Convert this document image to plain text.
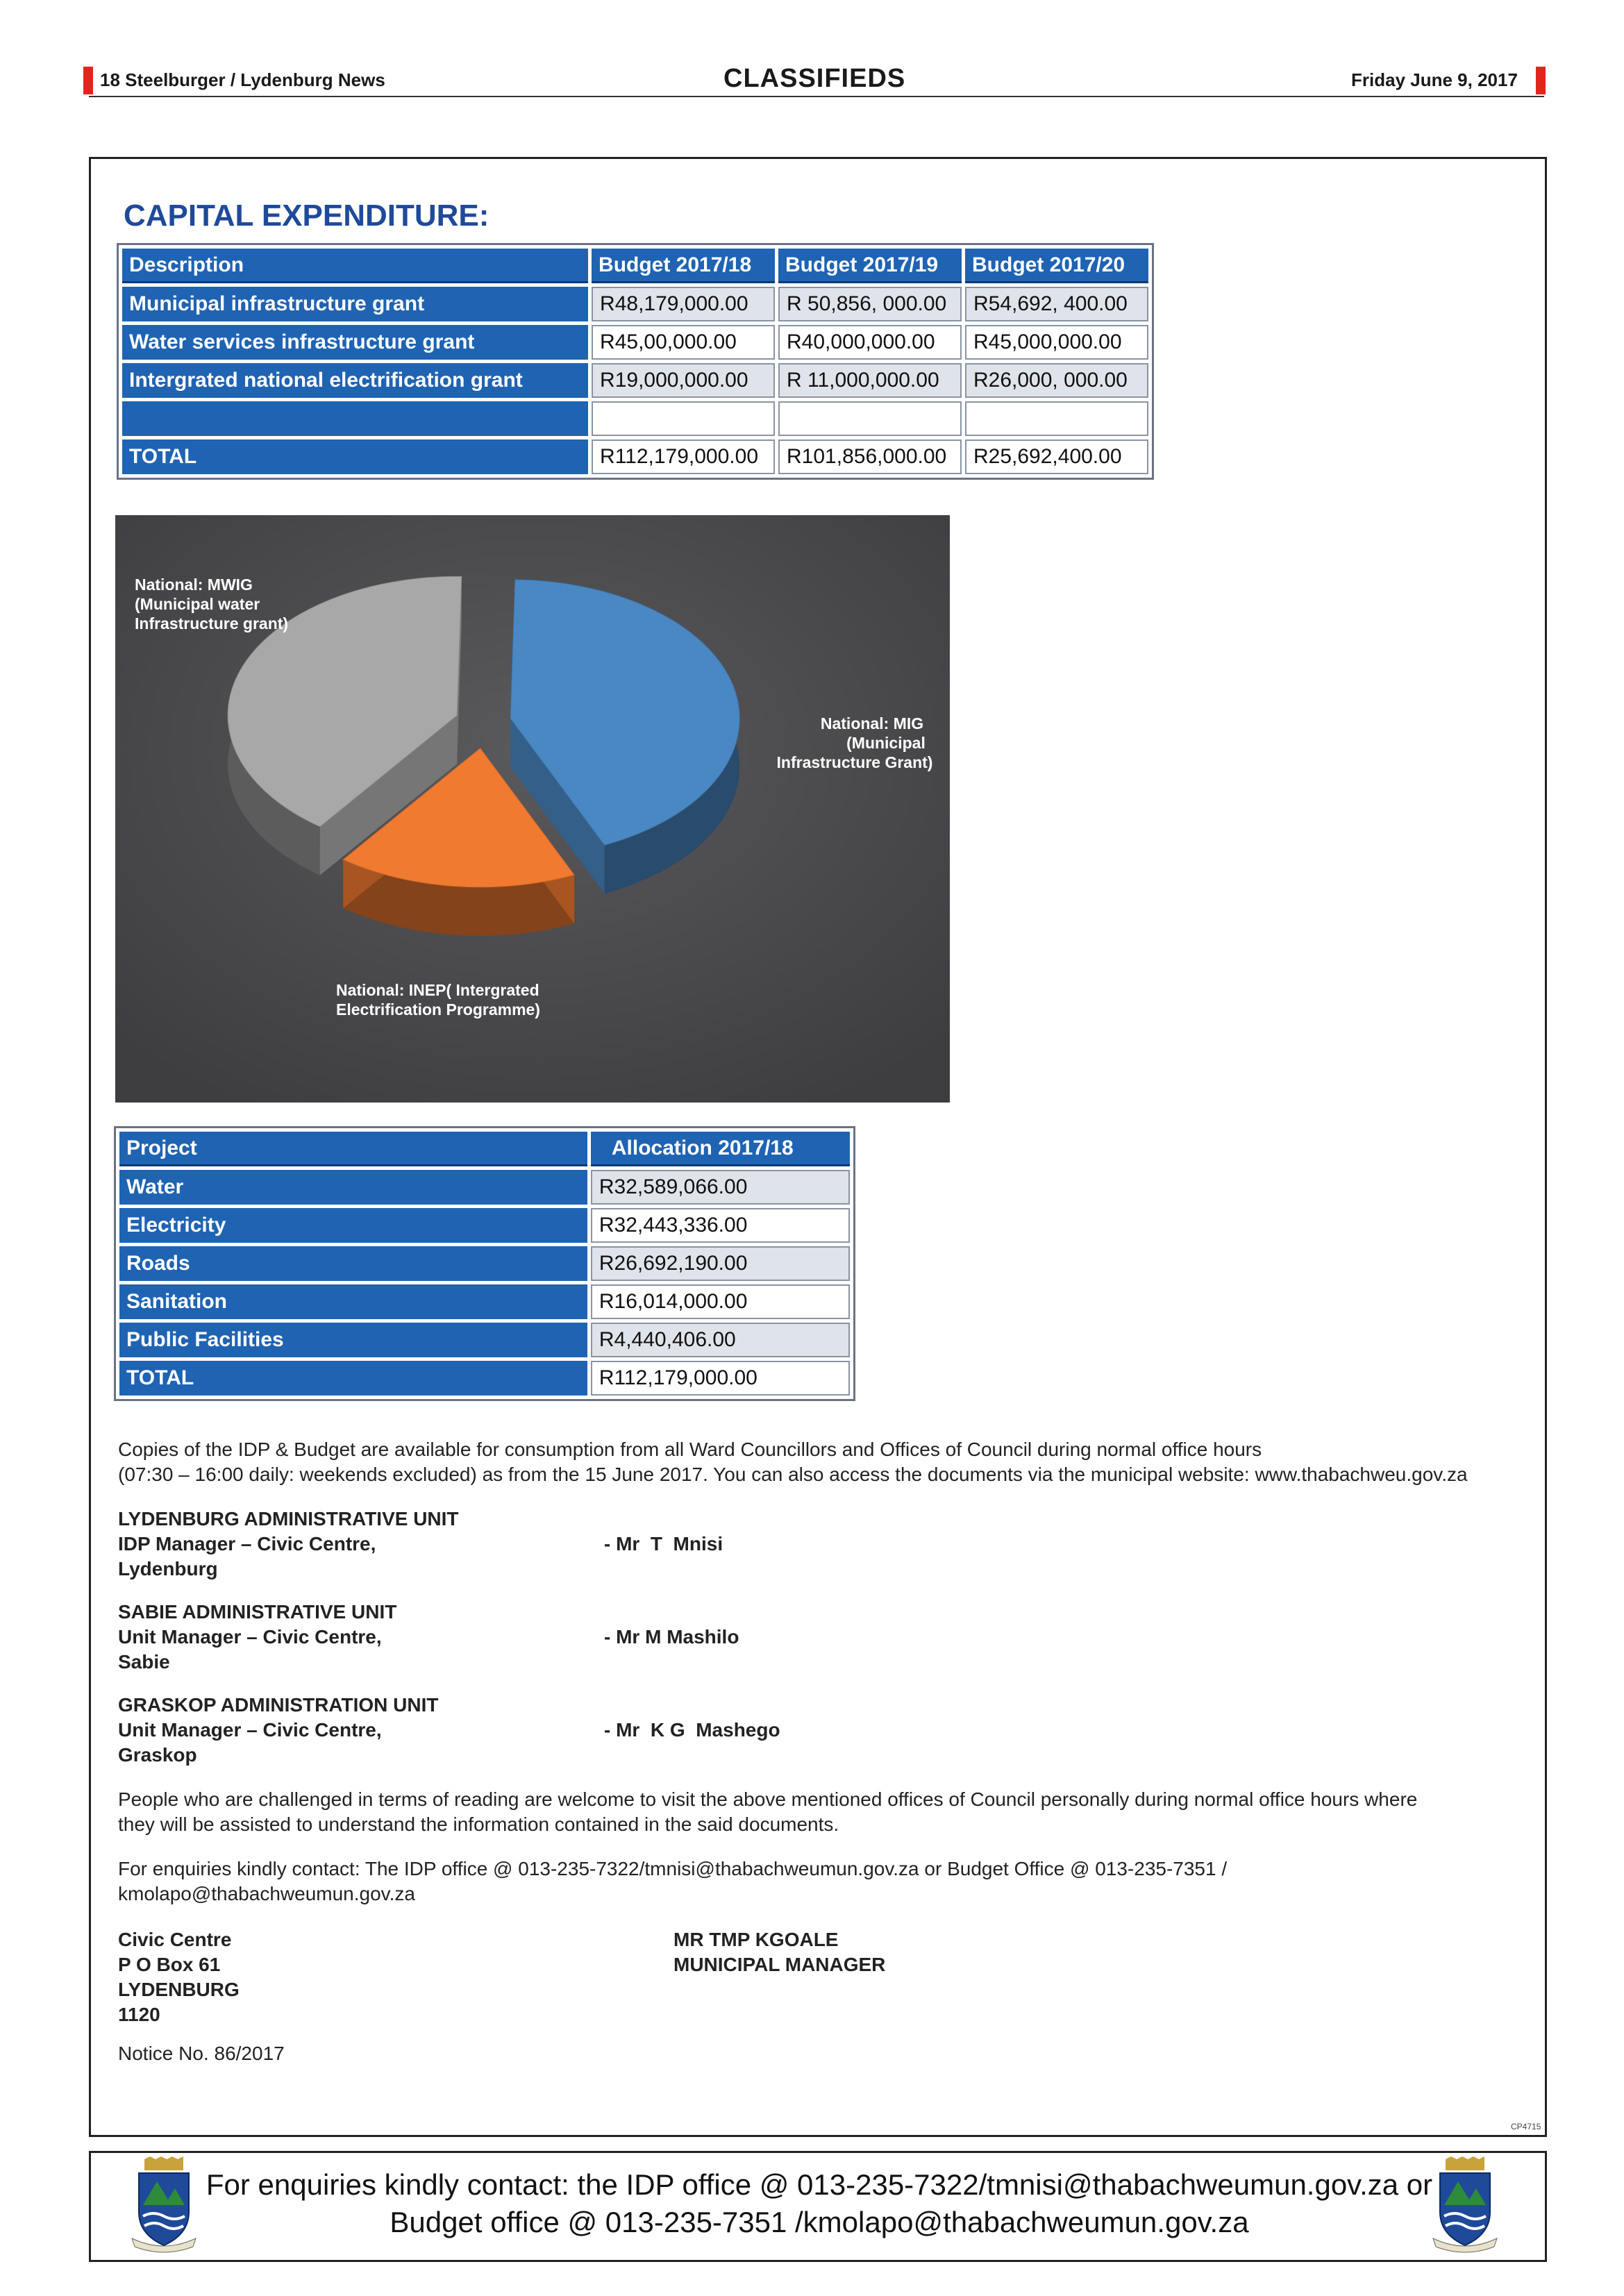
18 Steelburger / Lydenburg News	CLASSIFIEDS	Friday June 9, 2017
CAPITAL EXPENDITURE:
Description	Budget 2017/18	Budget 2017/19	Budget 2017/20
Municipal infrastructure grant	R48,179,000.00	R 50,856, 000.00	R54,692, 400.00
Water services infrastructure grant	R45,00,000.00	R40,000,000.00	R45,000,000.00
Intergrated national electrification grant	R19,000,000.00	R 11,000,000.00	R26,000, 000.00

TOTAL	R112,179,000.00	R101,856,000.00	R25,692,400.00
National: MWIG
(Municipal water
Infrastructure grant)
National: MIG
(Municipal
Infrastructure Grant)
National: INEP( Intergrated
Electrification Programme)
Project	Allocation 2017/18
Water	R32,589,066.00
Electricity	R32,443,336.00
Roads	R26,692,190.00
Sanitation	R16,014,000.00
Public Facilities	R4,440,406.00
TOTAL	R112,179,000.00
Copies of the IDP & Budget are available for consumption from all Ward Councillors and Offices of Council during normal office hours
(07:30 – 16:00 daily: weekends excluded) as from the 15 June 2017. You can also access the documents via the municipal website: www.thabachweu.gov.za
LYDENBURG ADMINISTRATIVE UNIT
IDP Manager – Civic Centre,
Lydenburg
- Mr  T  Mnisi
SABIE ADMINISTRATIVE UNIT
Unit Manager – Civic Centre,
Sabie
- Mr M Mashilo
GRASKOP ADMINISTRATION UNIT
Unit Manager – Civic Centre,
Graskop
- Mr  K G  Mashego
People who are challenged in terms of reading are welcome to visit the above mentioned offices of Council personally during normal office hours where
they will be assisted to understand the information contained in the said documents.
For enquiries kindly contact: The IDP office @ 013-235-7322/tmnisi@thabachweumun.gov.za or Budget Office @ 013-235-7351 /
kmolapo@thabachweumun.gov.za
Civic Centre
P O Box 61
LYDENBURG
1120
MR TMP KGOALE
MUNICIPAL MANAGER
Notice No. 86/2017
CP4715
For enquiries kindly contact: the IDP office @ 013-235-7322/tmnisi@thabachweumun.gov.za or
Budget office @ 013-235-7351 /kmolapo@thabachweumun.gov.za
